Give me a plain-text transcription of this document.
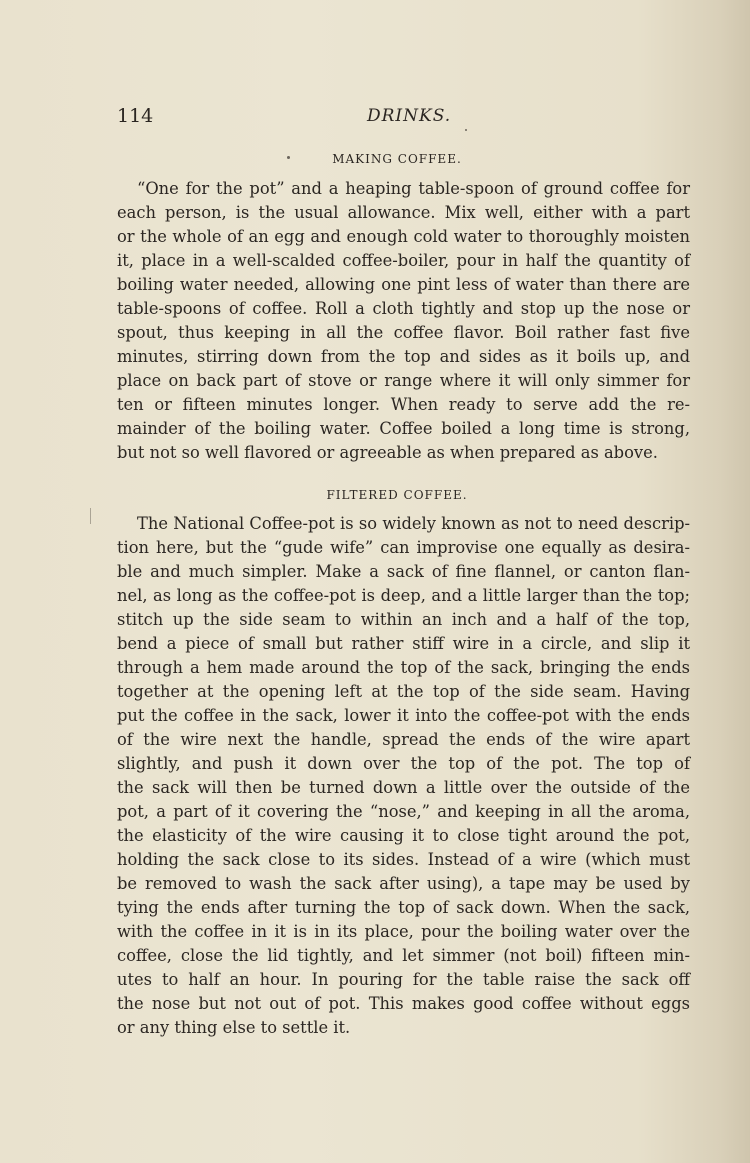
114	DRINKS.
MAKING COFFEE.
“One for the pot” and a heaping table-spoon of ground coffee for
each person, is the usual allowance. Mix well, either with a part
or the whole of an egg and enough cold water to thoroughly moisten
it, place in a well-scalded coffee-boiler, pour in half the quantity of
boiling water needed, allowing one pint less of water than there are
table-spoons of coffee. Roll a cloth tightly and stop up the nose or
spout, thus keeping in all the coffee flavor. Boil rather fast five
minutes, stirring down from the top and sides as it boils up, and
place on back part of stove or range where it will only simmer for
ten or fifteen minutes longer. When ready to serve add the re-
mainder of the boiling water. Coffee boiled a long time is strong,
but not so well flavored or agreeable as when prepared as above.
FILTERED COFFEE.
The National Coffee-pot is so widely known as not to need descrip-
tion here, but the “gude wife” can improvise one equally as desira-
ble and much simpler. Make a sack of fine flannel, or canton flan-
nel, as long as the coffee-pot is deep, and a little larger than the top;
stitch up the side seam to within an inch and a half of the top,
bend a piece of small but rather stiff wire in a circle, and slip it
through a hem made around the top of the sack, bringing the ends
together at the opening left at the top of the side seam. Having
put the coffee in the sack, lower it into the coffee-pot with the ends
of the wire next the handle, spread the ends of the wire apart
slightly, and push it down over the top of the pot. The top of
the sack will then be turned down a little over the outside of the
pot, a part of it covering the “nose,” and keeping in all the aroma,
the elasticity of the wire causing it to close tight around the pot,
holding the sack close to its sides. Instead of a wire (which must
be removed to wash the sack after using), a tape may be used by
tying the ends after turning the top of sack down. When the sack,
with the coffee in it is in its place, pour the boiling water over the
coffee, close the lid tightly, and let simmer (not boil) fifteen min-
utes to half an hour. In pouring for the table raise the sack off
the nose but not out of pot. This makes good coffee without eggs
or any thing else to settle it.
